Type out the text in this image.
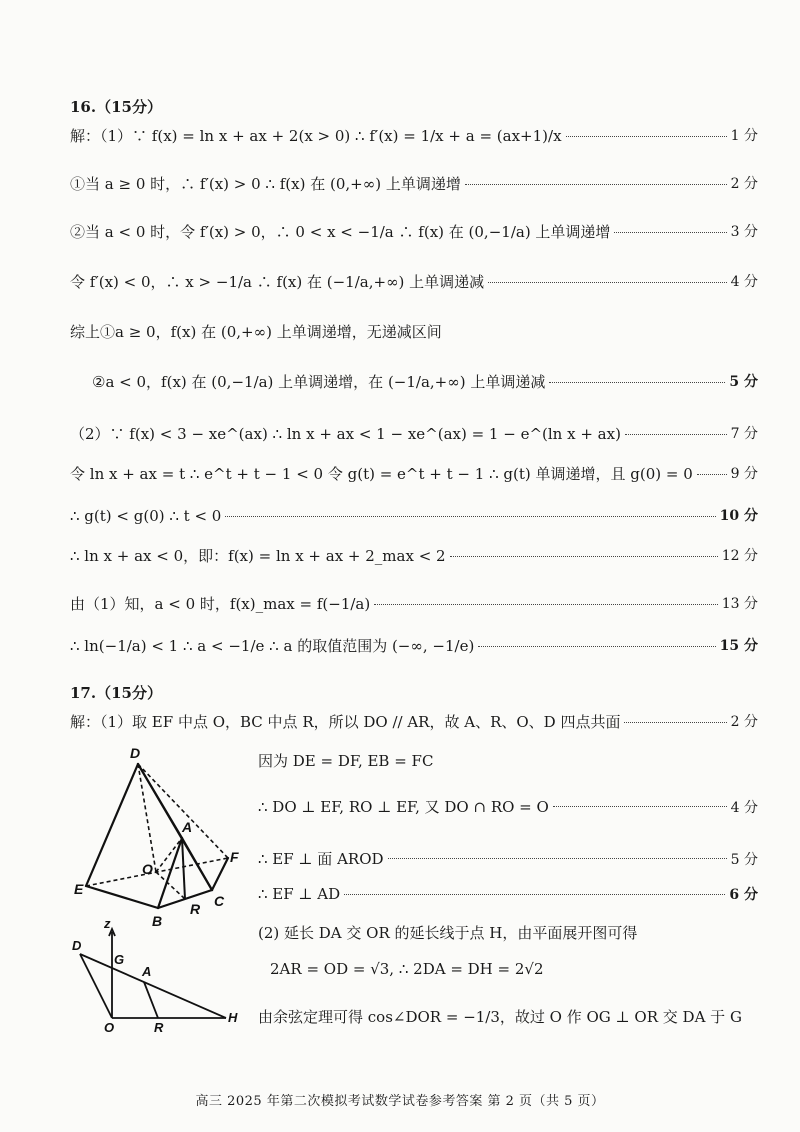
16.（15分）
解：（1）∵ f(x) = ln x + ax + 2(x > 0) ∴ f′(x) = 1/x + a = (ax+1)/x	1 分
①当 a ≥ 0 时，∴ f′(x) > 0 ∴ f(x) 在 (0,+∞) 上单调递增	2 分
②当 a < 0 时，令 f′(x) > 0，∴ 0 < x < −1/a ∴ f(x) 在 (0,−1/a) 上单调递增	3 分
令 f′(x) < 0，∴ x > −1/a ∴ f(x) 在 (−1/a,+∞) 上单调递减	4 分
综上①a ≥ 0，f(x) 在 (0,+∞) 上单调递增，无递减区间
②a < 0，f(x) 在 (0,−1/a) 上单调递增，在 (−1/a,+∞) 上单调递减	5 分
（2）∵ f(x) < 3 − xe^(ax) ∴ ln x + ax < 1 − xe^(ax) = 1 − e^(ln x + ax)	7 分
令 ln x + ax = t ∴ e^t + t − 1 < 0 令 g(t) = e^t + t − 1 ∴ g(t) 单调递增，且 g(0) = 0	9 分
∴ g(t) < g(0) ∴ t < 0	10 分
∴ ln x + ax < 0，即：f(x) = ln x + ax + 2_max < 2	12 分
由（1）知，a < 0 时，f(x)_max = f(−1/a)	13 分
∴ ln(−1/a) < 1 ∴ a < −1/e ∴ a 的取值范围为 (−∞, −1/e)	15 分
17.（15分）
解：（1）取 EF 中点 O，BC 中点 R，所以 DO // AR，故 A、R、O、D 四点共面	2 分
因为 DE = DF, EB = FC
∴ DO ⊥ EF, RO ⊥ EF, 又 DO ∩ RO = O	4 分
∴ EF ⊥ 面 AROD	5 分
∴ EF ⊥ AD	6 分
(2) 延长 DA 交 OR 的延长线于点 H，由平面展开图可得
2AR = OD = √3, ∴ 2DA = DH = 2√2
由余弦定理可得 cos∠DOR = −1/3，故过 O 作 OG ⊥ OR 交 DA 于 G
D
A
O
F
E
R C
B
z
D
G
A
O	R
H
高三 2025 年第二次模拟考试数学试卷参考答案 第 2 页（共 5 页）
